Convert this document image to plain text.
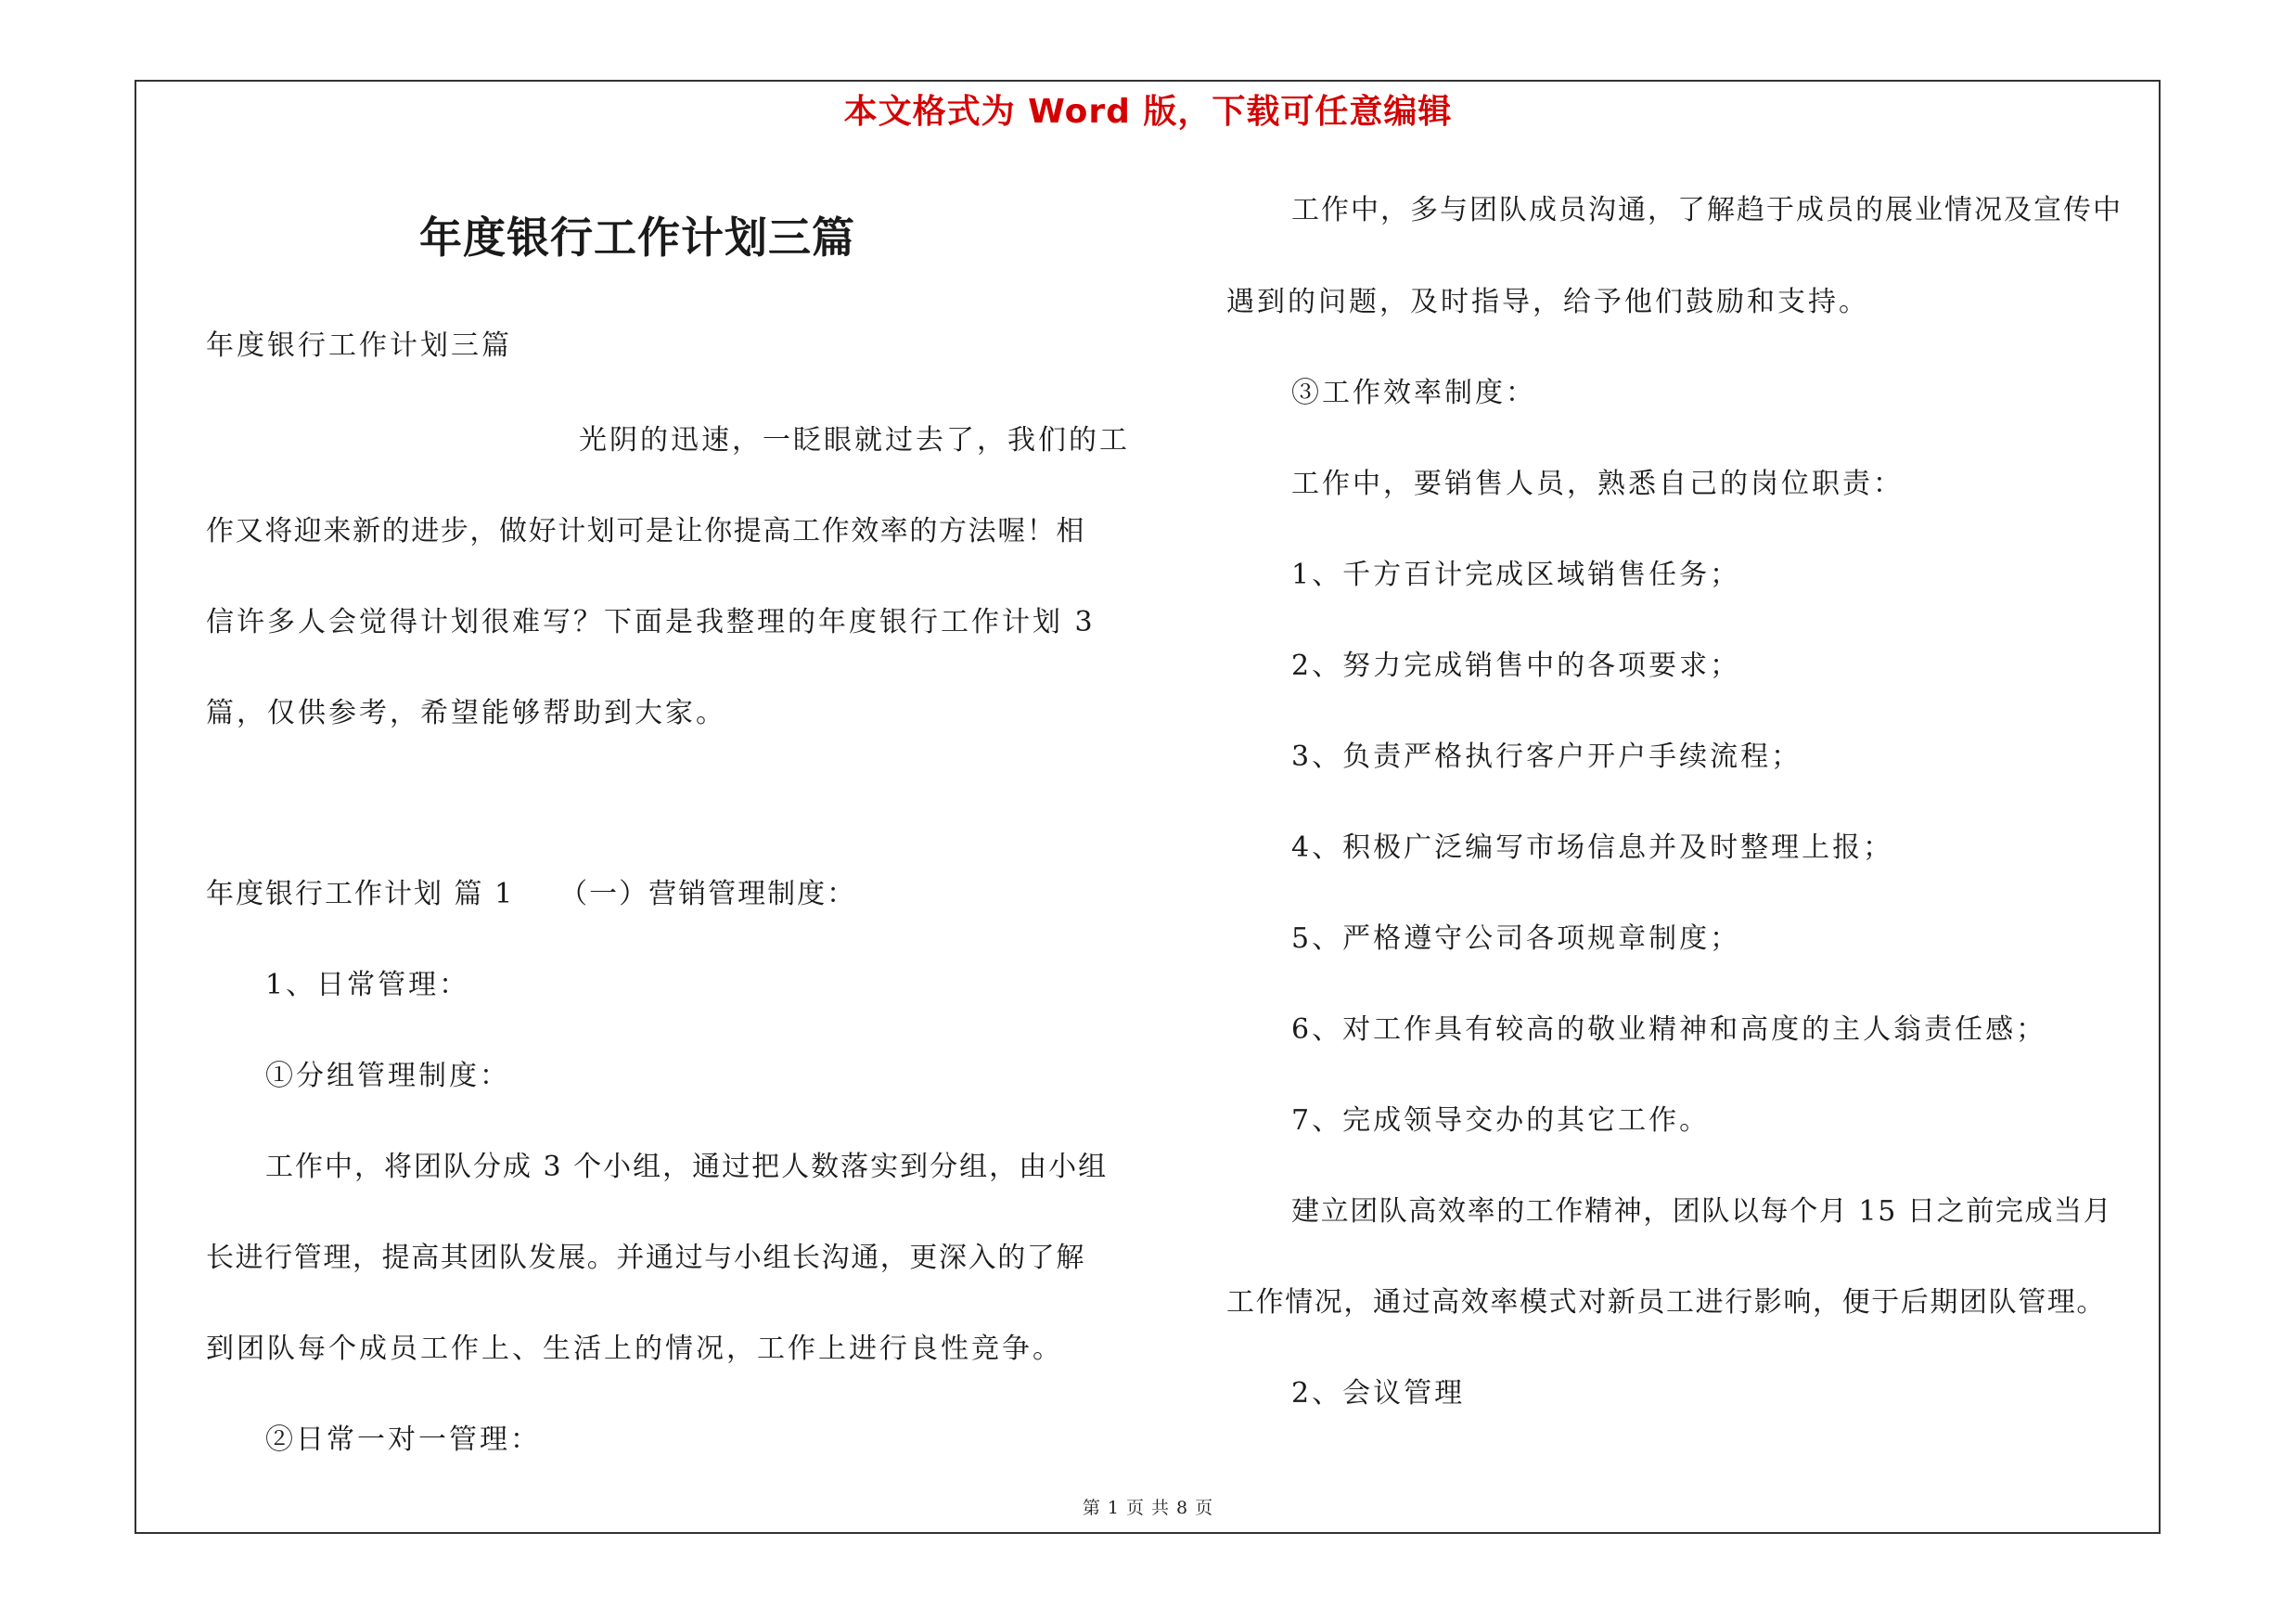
本文格式为 Word 版，下载可任意编辑
年度银行工作计划三篇
年度银行工作计划三篇
光阴的迅速，一眨眼就过去了，我们的工
作又将迎来新的进步，做好计划可是让你提高工作效率的方法喔！相
信许多人会觉得计划很难写？下面是我整理的年度银行工作计划 3
篇，仅供参考，希望能够帮助到大家。
年度银行工作计划 篇 1　　（一）营销管理制度：
1、日常管理：
①分组管理制度：
工作中，将团队分成 3 个小组，通过把人数落实到分组，由小组
长进行管理，提高其团队发展。并通过与小组长沟通，更深入的了解
到团队每个成员工作上、生活上的情况，工作上进行良性竞争。
②日常一对一管理：
工作中，多与团队成员沟通，了解趋于成员的展业情况及宣传中
遇到的问题，及时指导，给予他们鼓励和支持。
③工作效率制度：
工作中，要销售人员，熟悉自己的岗位职责：
1、千方百计完成区域销售任务；
2、努力完成销售中的各项要求；
3、负责严格执行客户开户手续流程；
4、积极广泛编写市场信息并及时整理上报；
5、严格遵守公司各项规章制度；
6、对工作具有较高的敬业精神和高度的主人翁责任感；
7、完成领导交办的其它工作。
建立团队高效率的工作精神，团队以每个月 15 日之前完成当月
工作情况，通过高效率模式对新员工进行影响，便于后期团队管理。
2、会议管理
第 1 页 共 8 页
